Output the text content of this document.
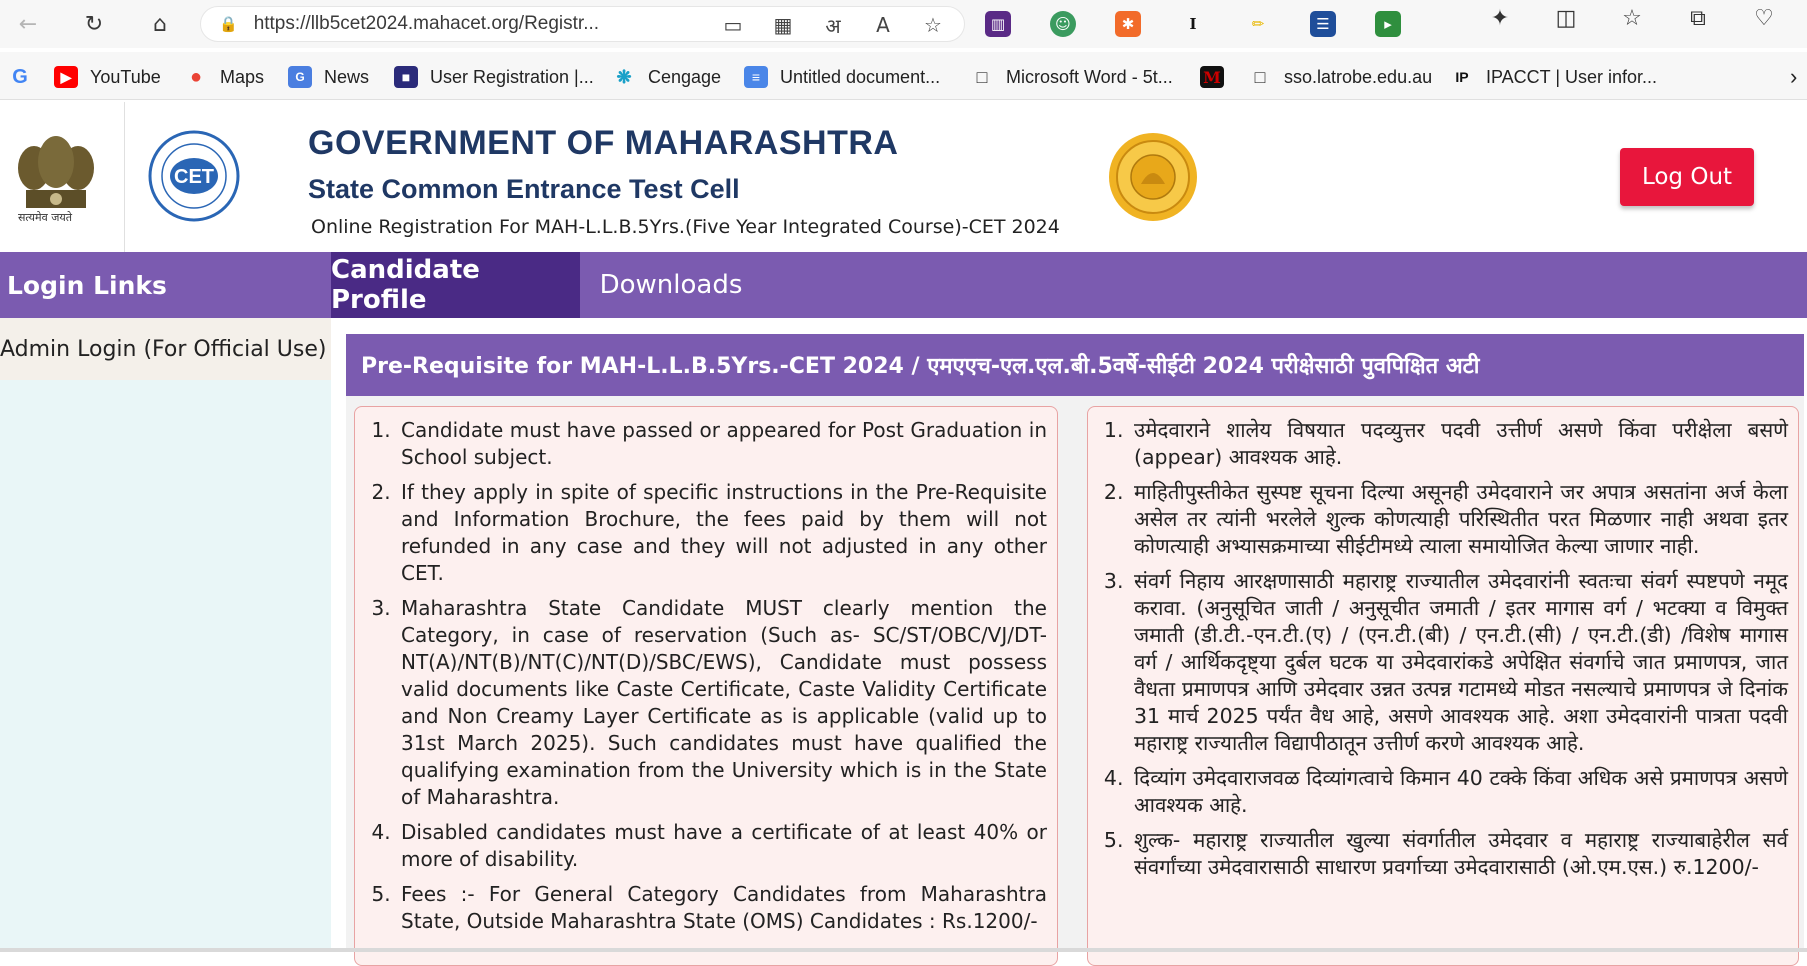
←	↻	⌂	🔒 https://llb5cet2024.mahacet.org/Registr...	▭	▦	अ	A	☆	▥	☺	✱	I	✏	☰	▸	✦	◫	☆	⧉	♡
G	▶	YouTube ● Maps	G	News	■	User Registration |... ❋ Cengage	≡	Untitled document...	□	Microsoft Word - 5t... M	□	sso.latrobe.edu.au	IP IPACCT | User infor...	›
सत्यमेव जयते
CET
GOVERNMENT OF MAHARASHTRA
State Common Entrance Test Cell
Online Registration For MAH-L.L.B.5Yrs.(Five Year Integrated Course)-CET 2024
Log Out
Login Links	Candidate Profile	Downloads
Admin Login (For Official Use)
Pre-Requisite for MAH-L.L.B.5Yrs.-CET 2024 / एमएएच-एल.एल.बी.5वर्षे-सीईटी 2024 परीक्षेसाठी पुवपिक्षित अटी
1. Candidate must have passed or appeared for Post Graduation in School subject.
2. If they apply in spite of specific instructions in the Pre-Requisite and Information Brochure, the fees paid by them will not refunded in any case and they will not adjusted in any other CET.
3. Maharashtra State Candidate MUST clearly mention the Category, in case of reservation (Such as- SC/ST/OBC/VJ/DT-NT(A)/NT(B)/NT(C)/NT(D)/SBC/EWS), Candidate must possess valid documents like Caste Certificate, Caste Validity Certificate and Non Creamy Layer Certificate as is applicable (valid up to 31st March 2025). Such candidates must have qualified the qualifying examination from the University which is in the State of Maharashtra.
4. Disabled candidates must have a certificate of at least 40% or more of disability.
5. Fees :- For General Category Candidates from Maharashtra State, Outside Maharashtra State (OMS) Candidates : Rs.1200/-
1. उमेदवाराने शालेय विषयात पदव्युत्तर पदवी उत्तीर्ण असणे किंवा परीक्षेला बसणे (appear) आवश्यक आहे.
2. माहितीपुस्तीकेत सुस्पष्ट सूचना दिल्या असूनही उमेदवाराने जर अपात्र असतांना अर्ज केला असेल तर त्यांनी भरलेले शुल्क कोणत्याही परिस्थितीत परत मिळणार नाही अथवा इतर कोणत्याही अभ्यासक्रमाच्या सीईटीमध्ये त्याला समायोजित केल्या जाणार नाही.
3. संवर्ग निहाय आरक्षणासाठी महाराष्ट्र राज्यातील उमेदवारांनी स्वतःचा संवर्ग स्पष्टपणे नमूद करावा. (अनुसूचित जाती / अनुसूचीत जमाती / इतर मागास वर्ग / भटक्या व विमुक्त जमाती (डी.टी.-एन.टी.(ए) / (एन.टी.(बी) / एन.टी.(सी) / एन.टी.(डी) /विशेष मागास वर्ग / आर्थिकदृष्ट्या दुर्बल घटक या उमेदवारांकडे अपेक्षित संवर्गाचे जात प्रमाणपत्र, जात वैधता प्रमाणपत्र आणि उमेदवार उन्नत उत्पन्न गटामध्ये मोडत नसल्याचे प्रमाणपत्र जे दिनांक 31 मार्च 2025 पर्यंत वैध आहे, असणे आवश्यक आहे. अशा उमेदवारांनी पात्रता पदवी महाराष्ट्र राज्यातील विद्यापीठातून उत्तीर्ण करणे आवश्यक आहे.
4. दिव्यांग उमेदवाराजवळ दिव्यांगत्वाचे किमान 40 टक्के किंवा अधिक असे प्रमाणपत्र असणे आवश्यक आहे.
5. शुल्क- महाराष्ट्र राज्यातील खुल्या संवर्गातील उमेदवार व महाराष्ट्र राज्याबाहेरील सर्व संवर्गांच्या उमेदवारासाठी साधारण प्रवर्गाच्या उमेदवारासाठी (ओ.एम.एस.) रु.1200/-
